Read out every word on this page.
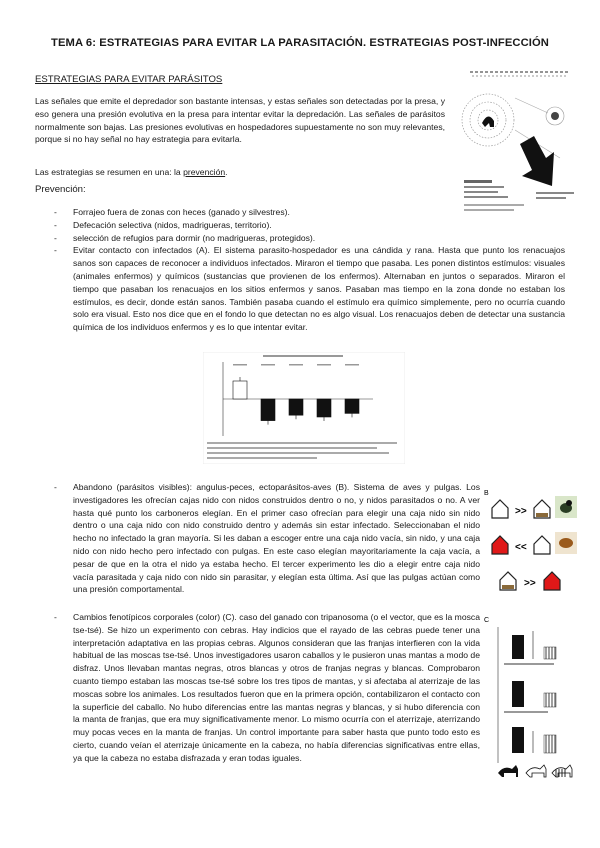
TEMA 6: ESTRATEGIAS PARA EVITAR LA PARASITACIÓN. ESTRATEGIAS POST-INFECCIÓN
ESTRATEGIAS PARA EVITAR PARÁSITOS

Las señales que emite el depredador son bastante intensas, y estas señales son detectadas por la presa, y eso genera una presión evolutiva en la presa para intentar evitar la depredación. Las señales de parásitos normalmente son bajas. Las presiones evolutivas en hospedadores supuestamente no son muy relevantes, porque si no hay señal no hay estrategia para evitarla.

Las estrategias se resumen en una: la prevención.

Prevención:
- Forrajeo fuera de zonas con heces (ganado y silvestres).
- Defecación selectiva (nidos, madrigueras, territorio).
- selección de refugios para dormir (no madrigueras, protegidos).
- Evitar contacto con infectados (A). El sistema parasito-hospedador es una cándida y rana. Hasta que punto los renacuajos sanos son capaces de reconocer a individuos infectados. Miraron el tiempo que pasaba. Les ponen distintos estímulos: visuales (animales enfermos) y químicos (sustancias que provienen de los enfermos). Alternaban en juntos o separados. Miraron el tiempo que pasaban los renacuajos en los sitios enfermos y sanos. Pasaban mas tiempo en la zona donde no estaban los estímulos, es decir, donde están sanos. También pasaba cuando el estímulo era químico simplemente, pero no ocurría cuando solo era visual. Esto nos dice que en el fondo lo que detectan no es algo visual. Los renacuajos deben de detectar una sustancia química de los individuos enfermos y es lo que intentar evitar.
- Abandono (parásitos visibles): angulus-peces, ectoparásitos-aves (B). Sistema de aves y pulgas. Los investigadores les ofrecían cajas nido con nidos construidos dentro o no, y nidos parasitados o no. A ver hasta qué punto los carboneros elegían. En el primer caso ofrecían para elegir una caja nido sin nido dentro o una caja nido con nido construido dentro y además sin estar infectado. Seleccionaban el nido hecho no infectado la gran mayoría. Si les daban a escoger entre una caja nido vacía, sin nido, y una caja nido con nido hecho pero infectado con pulgas. En este caso elegían mayoritariamente la caja vacía, a pesar de que en la otra el nido ya estaba hecho. El tercer experimento les dio a elegir entre caja nido vacía parasitada y caja nido con nido sin parasitar, y elegían esta última. Así que las pulgas actúan como una presión comportamental.
B
>>
<<
>>
- Cambios fenotípicos corporales (color) (C). caso del ganado con tripanosoma (o el vector, que es la mosca tse-tsé). Se hizo un experimento con cebras. Hay indicios que el rayado de las cebras puede tener una interpretación adaptativa en las propias cebras. Algunos consideran que las franjas interfieren con la vida habitual de las moscas tse-tsé. Unos investigadores usaron caballos y le pusieron unas mantas a modo de disfraz. Unos llevaban mantas negras, otros blancas y otros de franjas negras y blancas. Comprobaron cuanto tiempo estaban las moscas tse-tsé sobre los tres tipos de mantas, y si afectaba al aterrizaje de las moscas sobre los animales. Los resultados fueron que en la primera opción, contabilizaron el contacto con la superficie del caballo. No hubo diferencias entre las mantas negras y blancas, y si hubo diferencia con la manta de franjas, que era muy significativamente menor. Lo mismo ocurría con el aterrizaje, aterrizando muy pocas veces en la manta de franjas. Un control importante para saber hasta que punto todo esto es cierto, cuando veían el aterrizaje únicamente en la cabeza, no había diferencias significativas entre ellas, ya que la cabeza no estaba disfrazada y eran todas iguales.
C
